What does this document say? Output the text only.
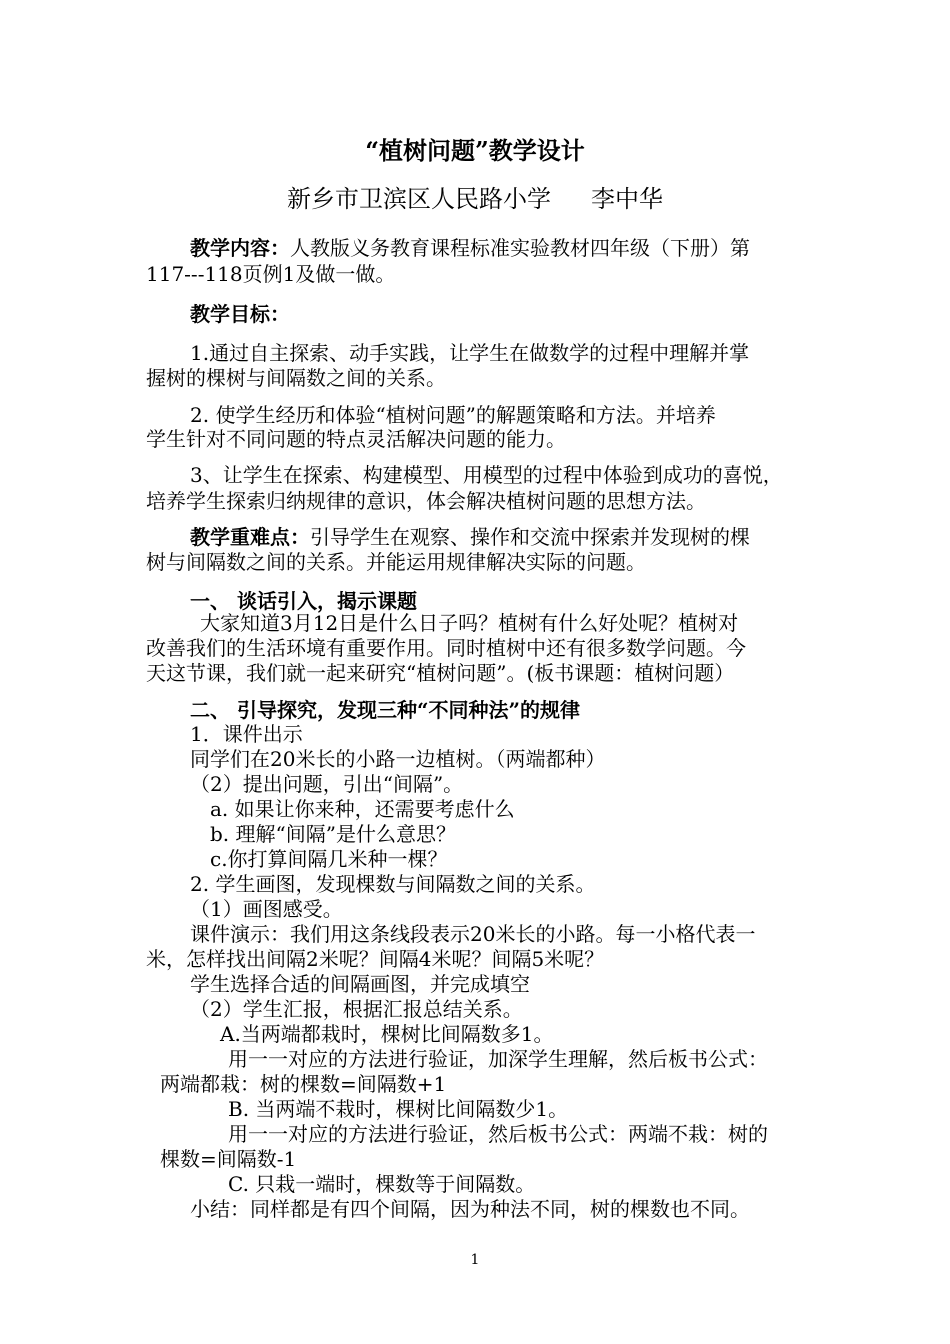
“植树问题”教学设计
新乡市卫滨区人民路小学 李中华
教学内容：人教版义务教育课程标准实验教材四年级（下册）第
117---118页例1及做一做。
教学目标：
1.通过自主探索、动手实践，让学生在做数学的过程中理解并掌
握树的棵树与间隔数之间的关系。
2. 使学生经历和体验“植树问题”的解题策略和方法。并培养
学生针对不同问题的特点灵活解决问题的能力。
3、让学生在探索、构建模型、用模型的过程中体验到成功的喜悦，
培养学生探索归纳规律的意识，体会解决植树问题的思想方法。
教学重难点：引导学生在观察、操作和交流中探索并发现树的棵
树与间隔数之间的关系。并能运用规律解决实际的问题。
一、 谈话引入，揭示课题
大家知道3月12日是什么日子吗？植树有什么好处呢？植树对
改善我们的生活环境有重要作用。同时植树中还有很多数学问题。今
天这节课，我们就一起来研究“植树问题”。(板书课题：植树问题）
二、 引导探究，发现三种“不同种法”的规律
1．课件出示
同学们在20米长的小路一边植树。（两端都种）
（2）提出问题，引出“间隔”。
a. 如果让你来种，还需要考虑什么
b. 理解“间隔”是什么意思？
c.你打算间隔几米种一棵？
2. 学生画图，发现棵数与间隔数之间的关系。
（1）画图感受。
课件演示：我们用这条线段表示20米长的小路。每一小格代表一
米，怎样找出间隔2米呢？间隔4米呢？间隔5米呢？
学生选择合适的间隔画图，并完成填空
（2）学生汇报，根据汇报总结关系。
A.当两端都栽时，棵树比间隔数多1。
用一一对应的方法进行验证，加深学生理解，然后板书公式：
两端都栽：树的棵数=间隔数+1
B. 当两端不栽时，棵树比间隔数少1。
用一一对应的方法进行验证，然后板书公式：两端不栽：树的
棵数=间隔数-1
C. 只栽一端时，棵数等于间隔数。
小结：同样都是有四个间隔，因为种法不同，树的棵数也不同。
1
